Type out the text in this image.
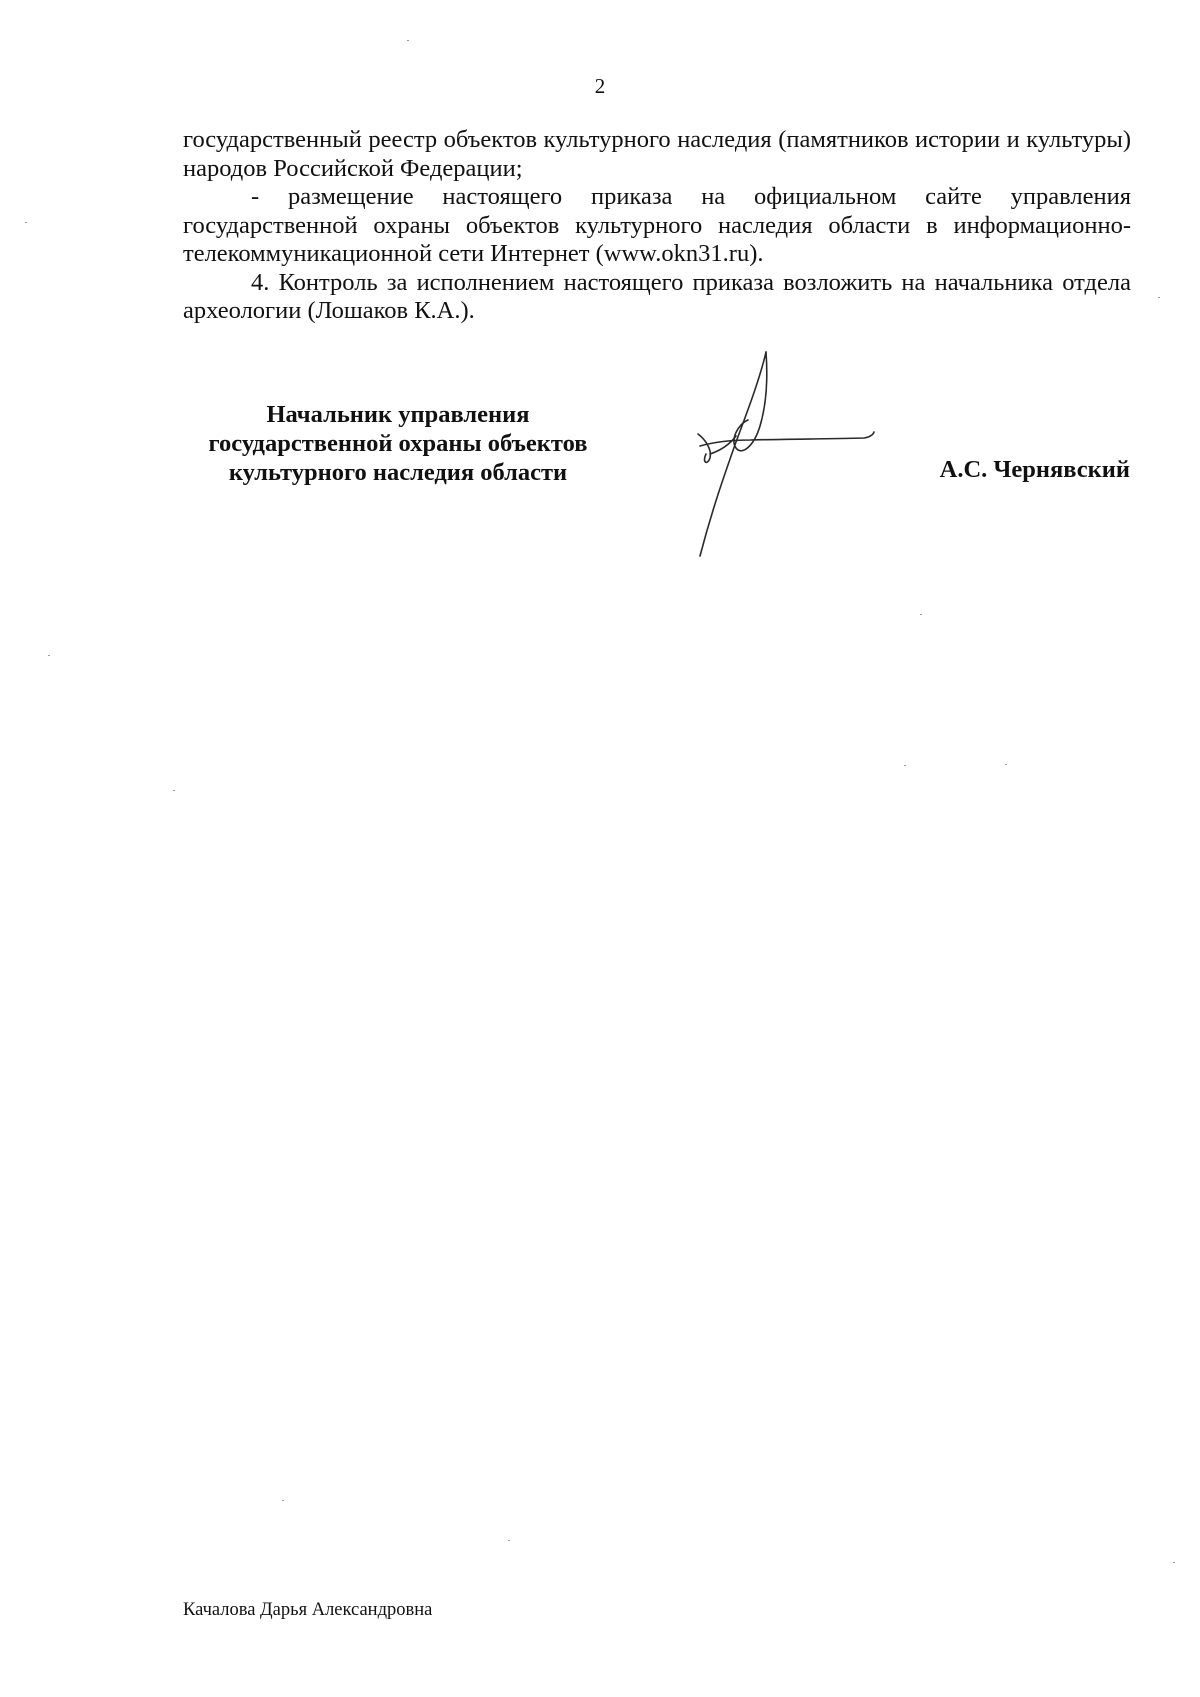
2

государственный реестр объектов культурного наследия (памятников истории и культуры) народов Российской Федерации;

- размещение настоящего приказа на официальном сайте управления государственной охраны объектов культурного наследия области в информационно-телекоммуникационной сети Интернет (www.okn31.ru).

4. Контроль за исполнением настоящего приказа возложить на начальника отдела археологии (Лошаков К.А.).

Начальник управления
государственной охраны объектов
культурного наследия области	А.С. Чернявский
Качалова Дарья Александровна
